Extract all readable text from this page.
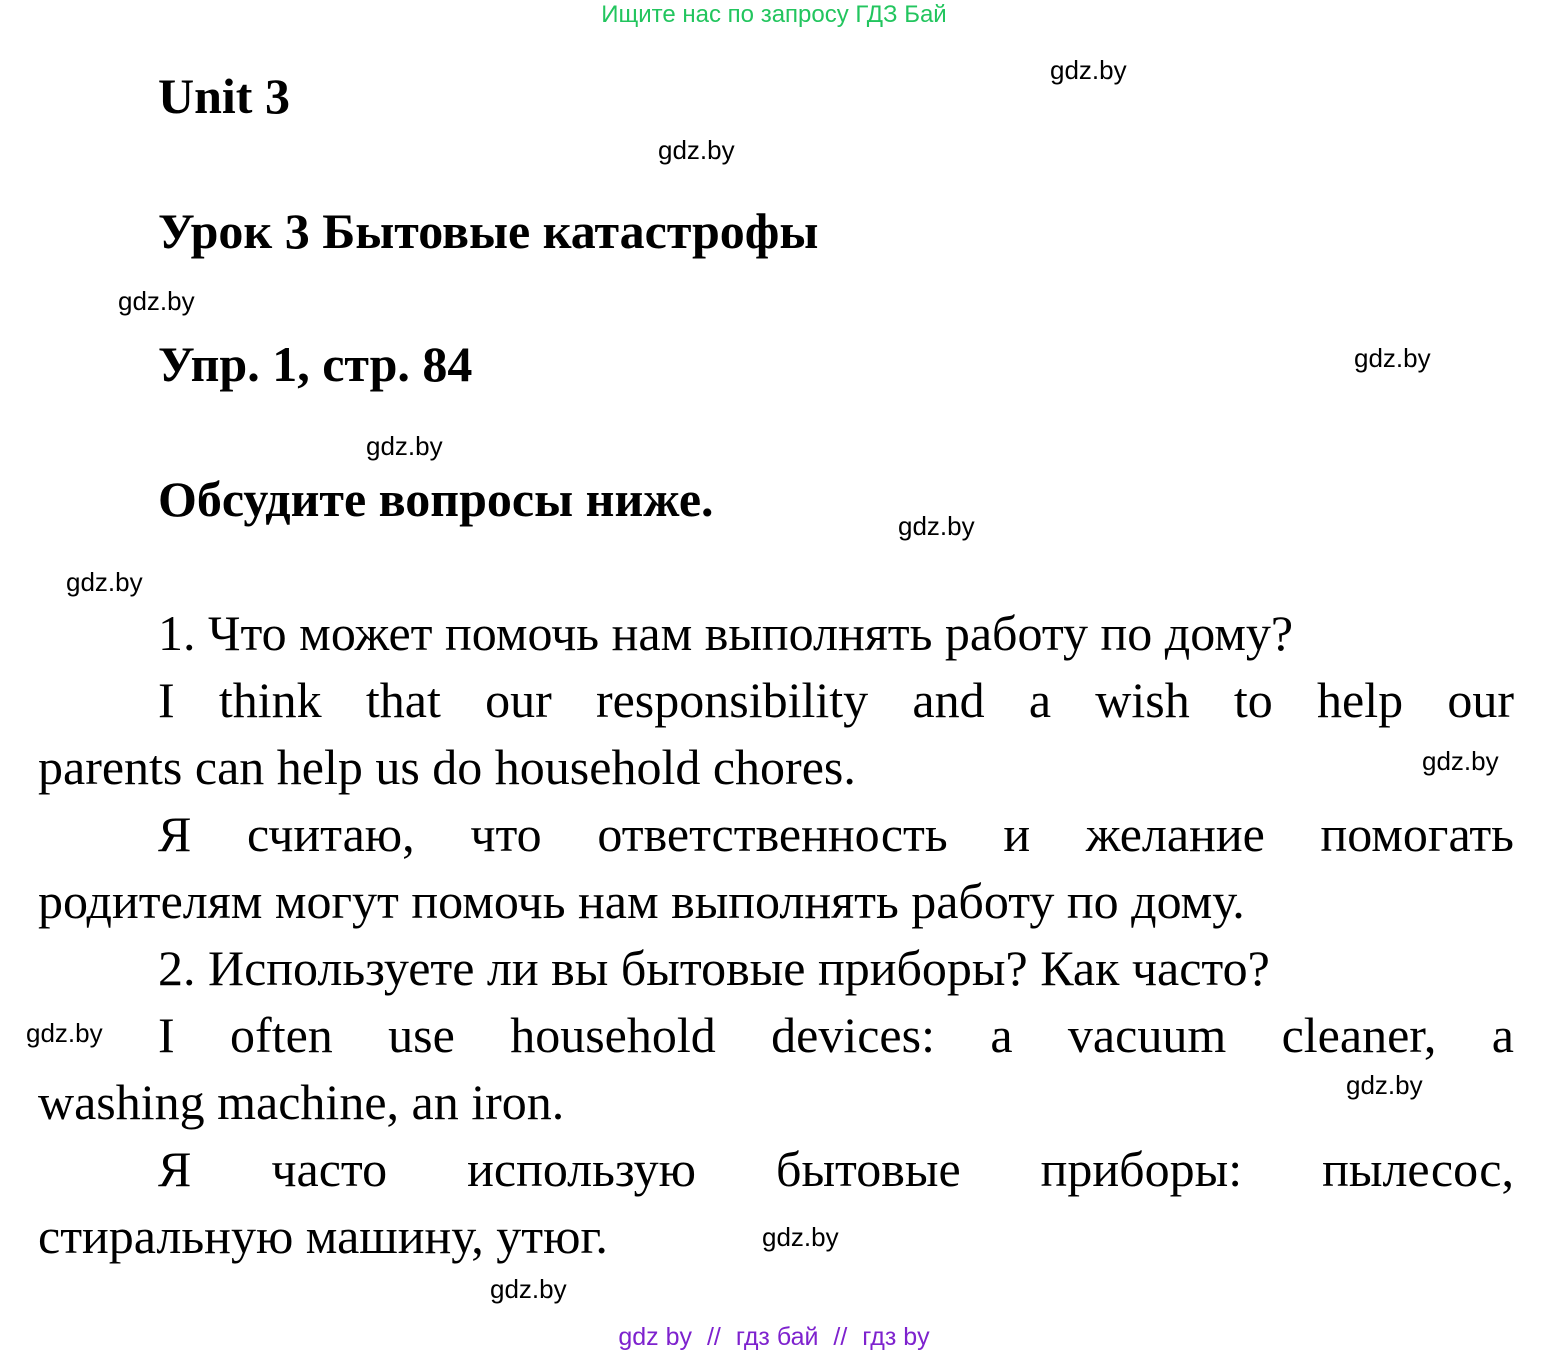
Ищите нас по запросу ГДЗ Бай
Unit 3
Урок 3 Бытовые катастрофы
Упр. 1, стр. 84
Обсудите вопросы ниже.
1. Что может помочь нам выполнять работу по дому?
I think that our responsibility and a wish to help our
parents can help us do household chores.
Я считаю, что ответственность и желание помогать
родителям могут помочь нам выполнять работу по дому.
2. Используете ли вы бытовые приборы? Как часто?
I often use household devices: a vacuum cleaner, a
washing machine, an iron.
Я часто использую бытовые приборы: пылесос,
стиральную машину, утюг.
gdz.by
gdz.by
gdz.by
gdz.by
gdz.by
gdz.by
gdz.by
gdz.by
gdz.by
gdz.by
gdz.by
gdz.by
gdz by // гдз бай // гдз by
